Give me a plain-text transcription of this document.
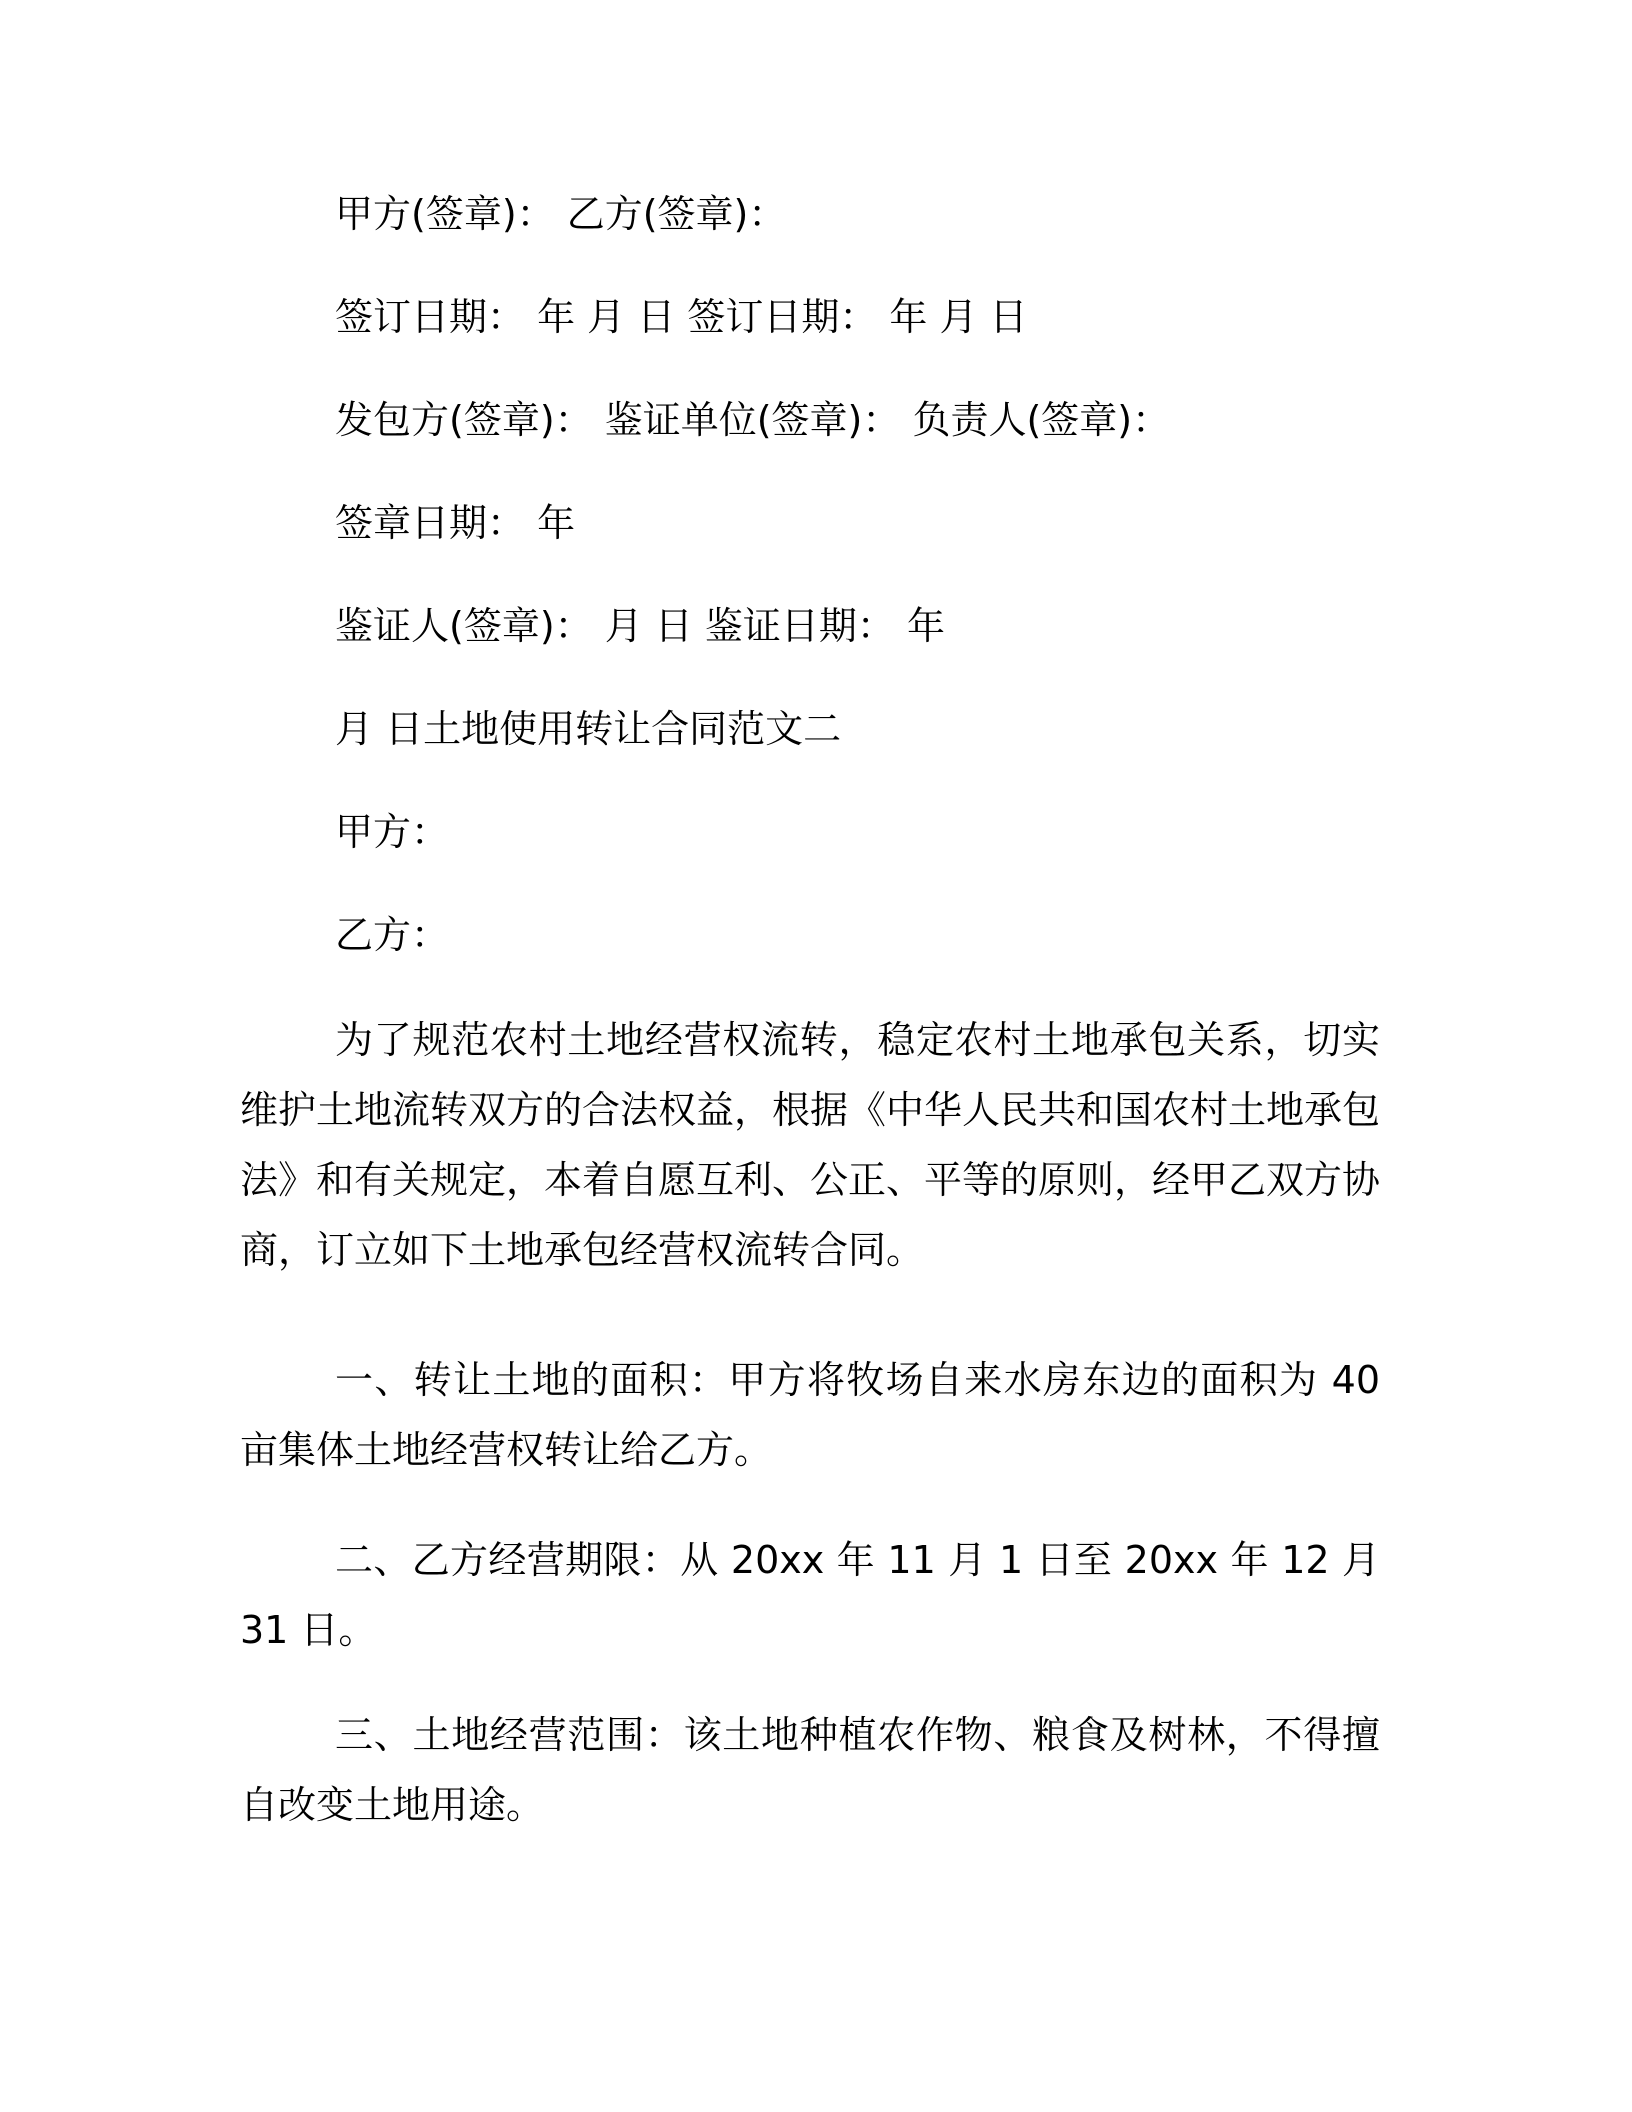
甲方(签章)： 乙方(签章)：
签订日期： 年 月 日 签订日期： 年 月 日
发包方(签章)： 鉴证单位(签章)： 负责人(签章)：
签章日期： 年
鉴证人(签章)： 月 日 鉴证日期： 年
月 日土地使用转让合同范文二
甲方：
乙方：
为了规范农村土地经营权流转，稳定农村土地承包关系，切实维护土地流转双方的合法权益，根据《中华人民共和国农村土地承包法》和有关规定，本着自愿互利、公正、平等的原则，经甲乙双方协商，订立如下土地承包经营权流转合同。
一、转让土地的面积：甲方将牧场自来水房东边的面积为 40 亩集体土地经营权转让给乙方。
二、乙方经营期限：从 20xx 年 11 月 1 日至 20xx 年 12 月 31 日。
三、土地经营范围：该土地种植农作物、粮食及树林，不得擅自改变土地用途。
